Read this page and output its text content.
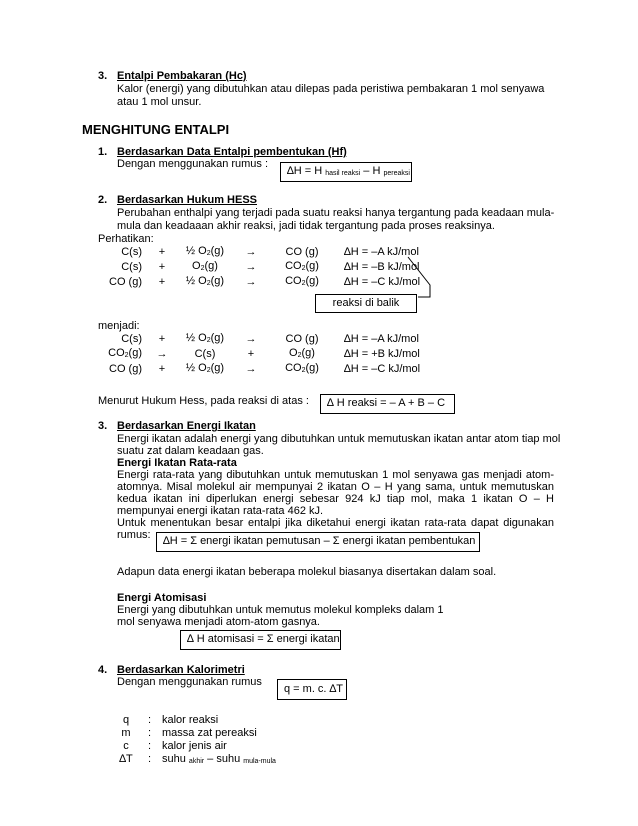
3. Entalpi Pembakaran (Hc)
Kalor (energi) yang dibutuhkan atau dilepas pada peristiwa pembakaran 1 mol senyawa
atau 1 mol unsur.
MENGHITUNG ENTALPI
1. Berdasarkan Data Entalpi pembentukan (Hf)
Dengan menggunakan rumus :
∆H = H hasil reaksi – H pereaksi
2. Berdasarkan Hukum HESS
Perubahan enthalpi yang terjadi pada suatu reaksi hanya tergantung pada keadaan mula-
mula dan keadaaan akhir reaksi, jadi tidak tergantung pada proses reaksinya.
Perhatikan:
C(s)	+	½ O2(g)	→	CO (g)	∆H = –A kJ/mol
C(s)	+	O2(g)	→	CO2(g)	∆H = –B kJ/mol
CO (g)	+	½ O2(g)	→	CO2(g)	∆H = –C kJ/mol
reaksi di balik
menjadi:
C(s)	+	½ O2(g)	→	CO (g)	∆H = –A kJ/mol
CO2(g)	→	C(s)	+	O2(g)	∆H = +B kJ/mol
CO (g)	+	½ O2(g)	→	CO2(g)	∆H = –C kJ/mol
Menurut Hukum Hess, pada reaksi di atas :	∆ H reaksi = – A + B – C
3. Berdasarkan Energi Ikatan
Energi ikatan adalah energi yang dibutuhkan untuk memutuskan ikatan antar atom tiap mol
suatu zat dalam keadaan gas.
Energi Ikatan Rata-rata
Energi rata-rata yang dibutuhkan untuk memutuskan 1 mol senyawa gas menjadi atom-
atomnya. Misal molekul air mempunyai 2 ikatan O – H yang sama, untuk memutuskan
kedua ikatan ini diperlukan energi sebesar 924 kJ tiap mol, maka 1 ikatan O – H
mempunyai energi ikatan rata-rata 462 kJ.
Untuk menentukan besar entalpi jika diketahui energi ikatan rata-rata dapat digunakan
rumus:	∆H = Σ energi ikatan pemutusan – Σ energi ikatan pembentukan
Adapun data energi ikatan beberapa molekul biasanya disertakan dalam soal.
Energi Atomisasi
Energi yang dibutuhkan untuk memutus molekul kompleks dalam 1
mol senyawa menjadi atom-atom gasnya.
∆ H atomisasi = Σ energi ikatan
4. Berdasarkan Kalorimetri
Dengan menggunakan rumus
q = m. c. ∆T
q	: kalor reaksi
m	: massa zat pereaksi
c	: kalor jenis air
∆T : suhu akhir – suhu mula-mula
